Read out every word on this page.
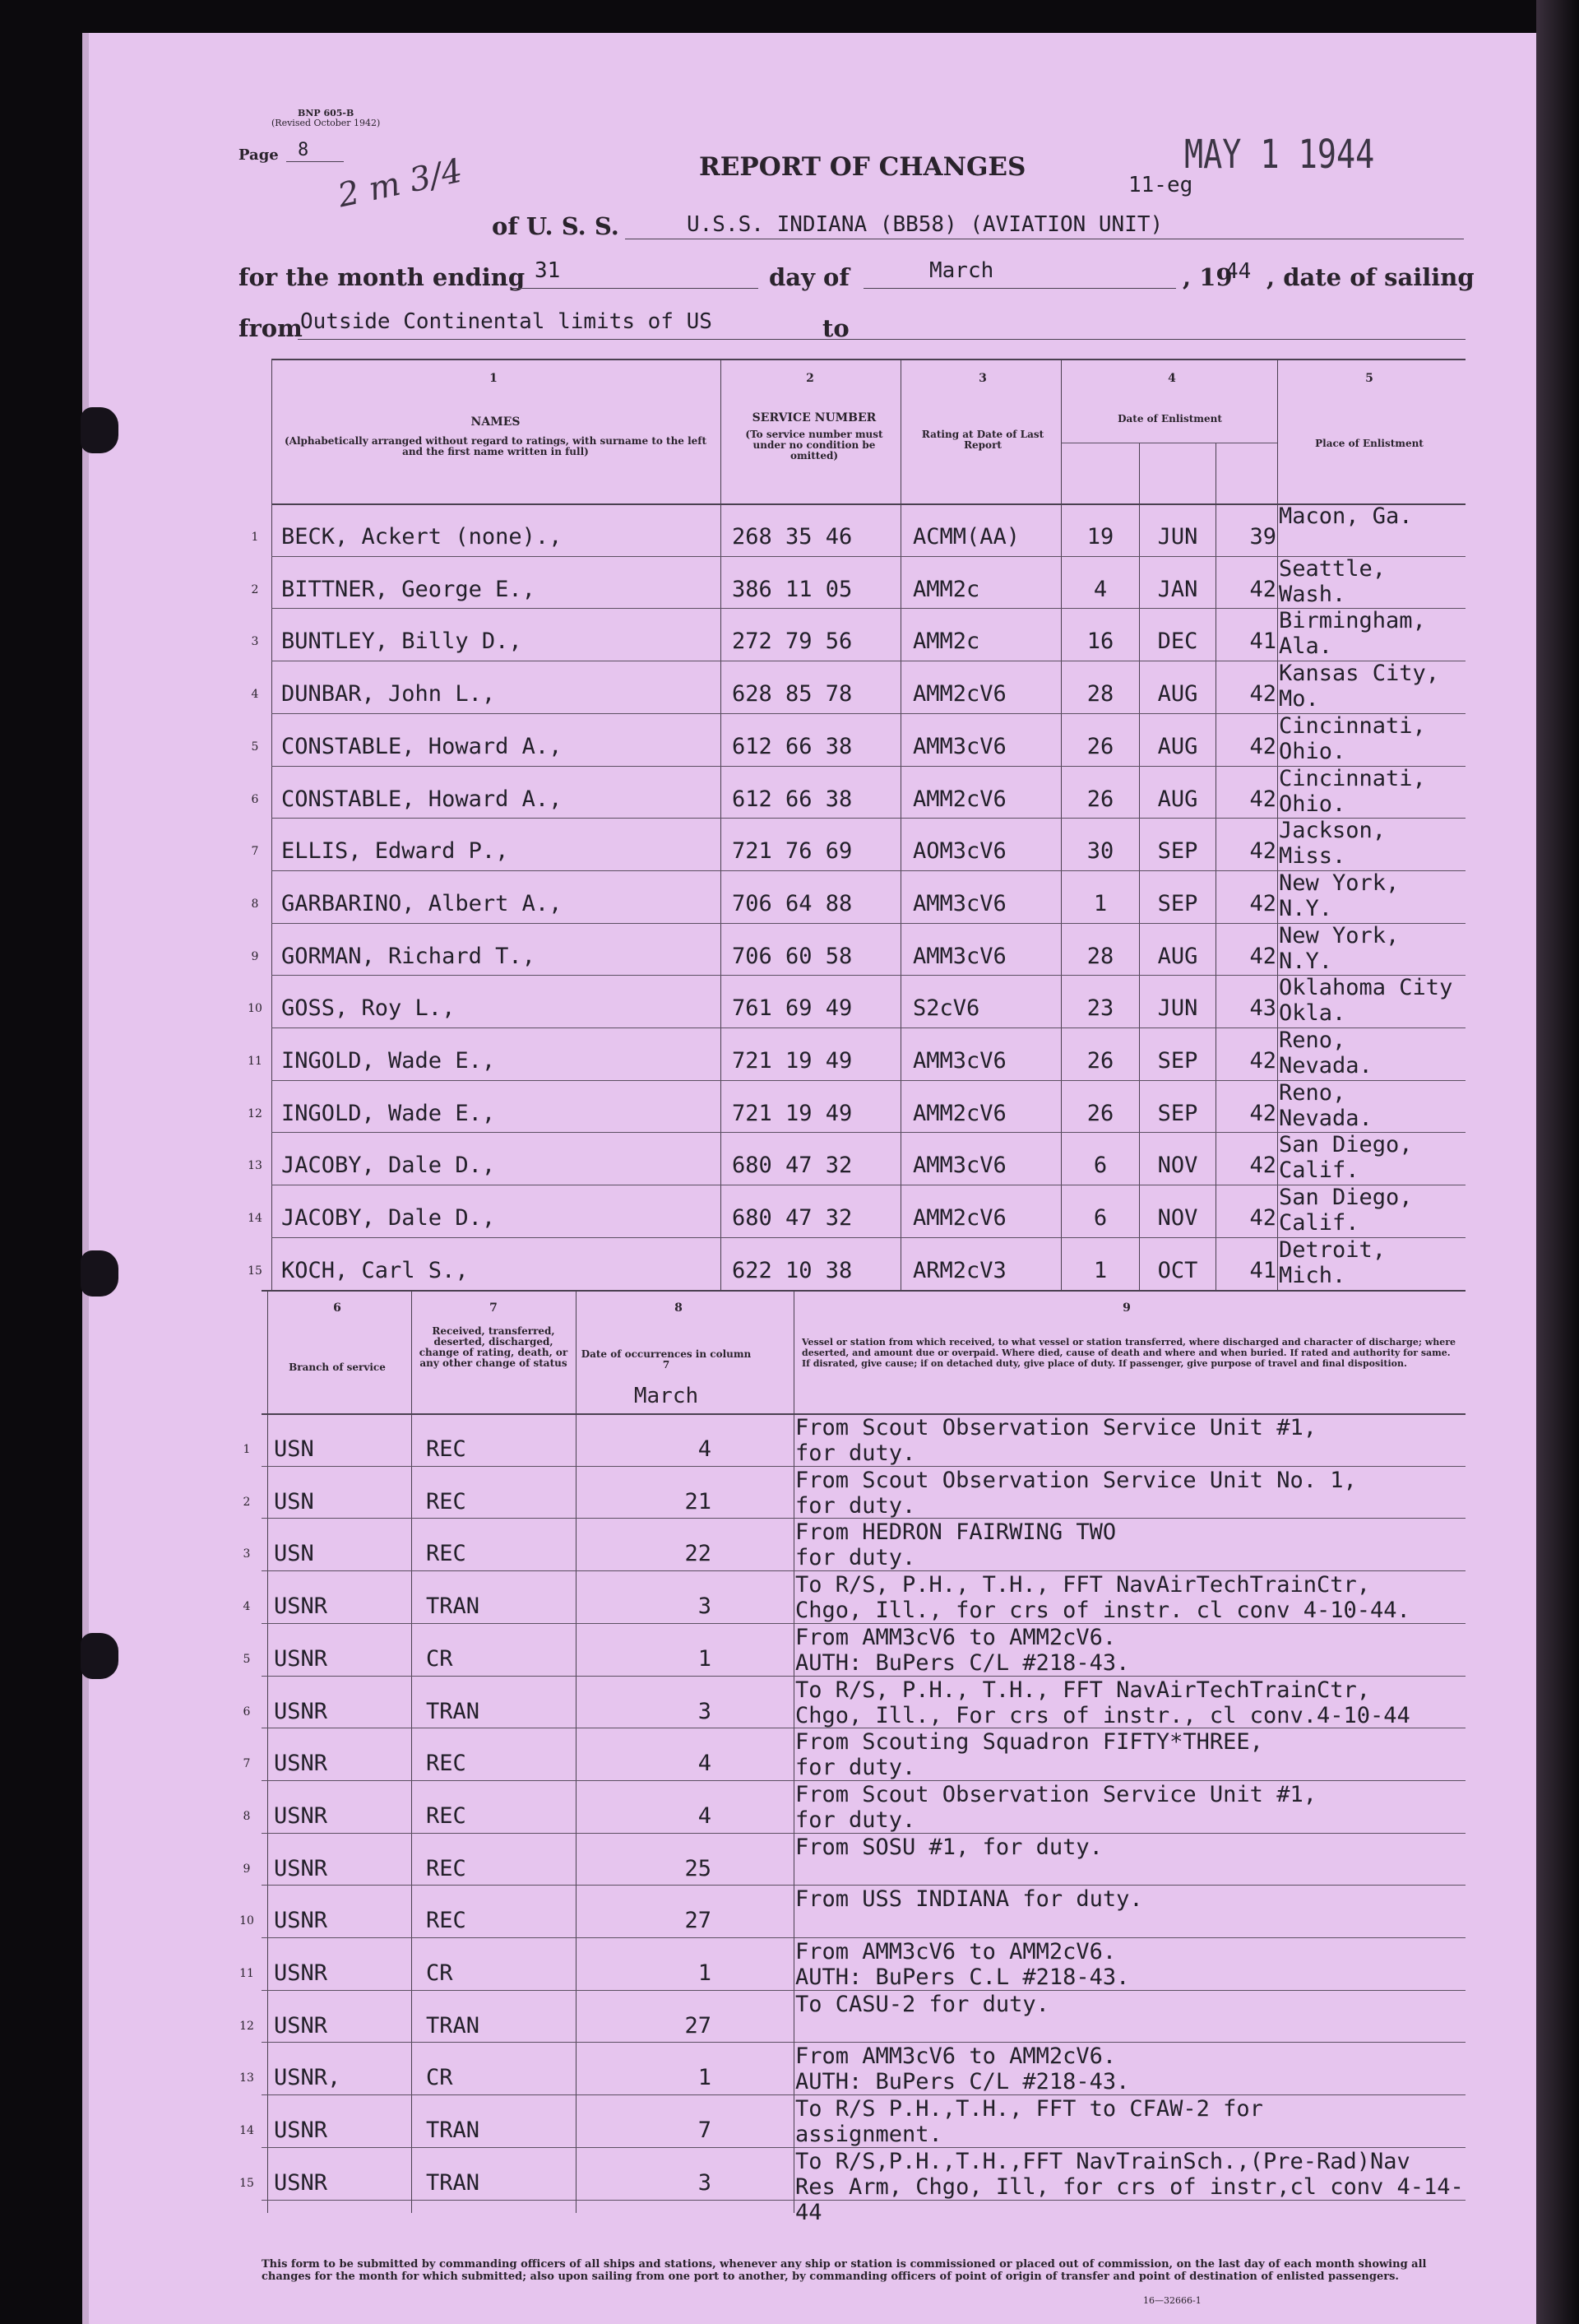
BNP 605-B
(Revised October 1942)
Page 8
2 m 3/4	REPORT OF CHANGES	MAY 1 1944
11-eg
of U. S. S.	U.S.S. INDIANA (BB58) (AVIATION UNIT)
for the month ending 31	day of	March	, 19
44 , date of sailing
from
Outside Continental limits of US	to
1	2	3	4	5
NAMES
(Alphabetically arranged without regard to ratings, with surname to the left and the first name written in full)
SERVICE NUMBER
(To service number must under no condition be omitted)
Rating at Date of Last Report
Date of Enlistment
Place of Enlistment
1	BECK, Ackert (none).,	268 35 46	ACMM(AA)	19	JUN	39
Macon, Ga.
2	BITTNER, George E.,	386 11 05	AMM2c	4	JAN	42
Seattle,
Wash.
3	BUNTLEY, Billy D.,	272 79 56	AMM2c	16	DEC	41
Birmingham,
Ala.
4	DUNBAR, John L.,	628 85 78	AMM2cV6	28	AUG	42
Kansas City,
Mo.
5	CONSTABLE, Howard A.,	612 66 38	AMM3cV6	26	AUG	42
Cincinnati,
Ohio.
6	CONSTABLE, Howard A.,	612 66 38	AMM2cV6	26	AUG	42
Cincinnati,
Ohio.
7	ELLIS, Edward P.,	721 76 69	AOM3cV6	30	SEP	42
Jackson,
Miss.
8	GARBARINO, Albert A.,	706 64 88	AMM3cV6	1	SEP	42
New York,
N.Y.
9	GORMAN, Richard T.,	706 60 58	AMM3cV6	28	AUG	42
New York,
N.Y.
10 GOSS, Roy L.,	761 69 49	S2cV6	23	JUN	43
Oklahoma City
Okla.
11 INGOLD, Wade E.,	721 19 49	AMM3cV6	26	SEP	42
Reno,
Nevada.
12 INGOLD, Wade E.,	721 19 49	AMM2cV6	26	SEP	42
Reno,
Nevada.
13 JACOBY, Dale D.,	680 47 32	AMM3cV6	6	NOV	42
San Diego,
Calif.
14 JACOBY, Dale D.,	680 47 32	AMM2cV6	6	NOV	42
San Diego,
Calif.
15 KOCH, Carl S.,	622 10 38	ARM2cV3	1	OCT	41
Detroit,
Mich.
6	7	8	9
Branch of service
Received, transferred, deserted, discharged, change of rating, death, or any other change of status
Date of occurrences in column 7
March
Vessel or station from which received, to what vessel or station transferred, where discharged and character of discharge; where deserted, and amount due or overpaid. Where died, cause of death and where and when buried. If rated and authority for same. If disrated, give cause; if on detached duty, give place of duty. If passenger, give purpose of travel and final disposition.
1	USN	REC	4
From Scout Observation Service Unit #1,
for duty.
2	USN	REC	21
From Scout Observation Service Unit No. 1,
for duty.
3	USN	REC	22
From HEDRON FAIRWING TWO
for duty.
4	USNR	TRAN	3
To R/S, P.H., T.H., FFT NavAirTechTrainCtr,
Chgo, Ill., for crs of instr. cl conv 4-10-44.
5	USNR	CR	1
From AMM3cV6 to AMM2cV6.
AUTH: BuPers C/L #218-43.
6	USNR	TRAN	3
To R/S, P.H., T.H., FFT NavAirTechTrainCtr,
Chgo, Ill., For crs of instr., cl conv.4-10-44
7	USNR	REC	4
From Scouting Squadron FIFTY*THREE,
for duty.
8	USNR	REC	4
From Scout Observation Service Unit #1,
for duty.
9	USNR	REC	25
From SOSU #1, for duty.
10 USNR	REC	27
From USS INDIANA for duty.
11 USNR	CR	1
From AMM3cV6 to AMM2cV6.
AUTH: BuPers C.L #218-43.
12 USNR	TRAN	27
To CASU-2 for duty.
13 USNR,	CR	1
From AMM3cV6 to AMM2cV6.
AUTH: BuPers C/L #218-43.
14 USNR	TRAN	7
To R/S P.H.,T.H., FFT to CFAW-2 for
assignment.
15 USNR	TRAN	3
To R/S,P.H.,T.H.,FFT NavTrainSch.,(Pre-Rad)Nav
Res Arm, Chgo, Ill, for crs of instr,cl conv 4-14-
44
This form to be submitted by commanding officers of all ships and stations, whenever any ship or station is commissioned or placed out of commission, on the last day of each month showing all changes for the month for which submitted; also upon sailing from one port to another, by commanding officers of point of origin of transfer and point of destination of enlisted passengers.
16—32666-1
